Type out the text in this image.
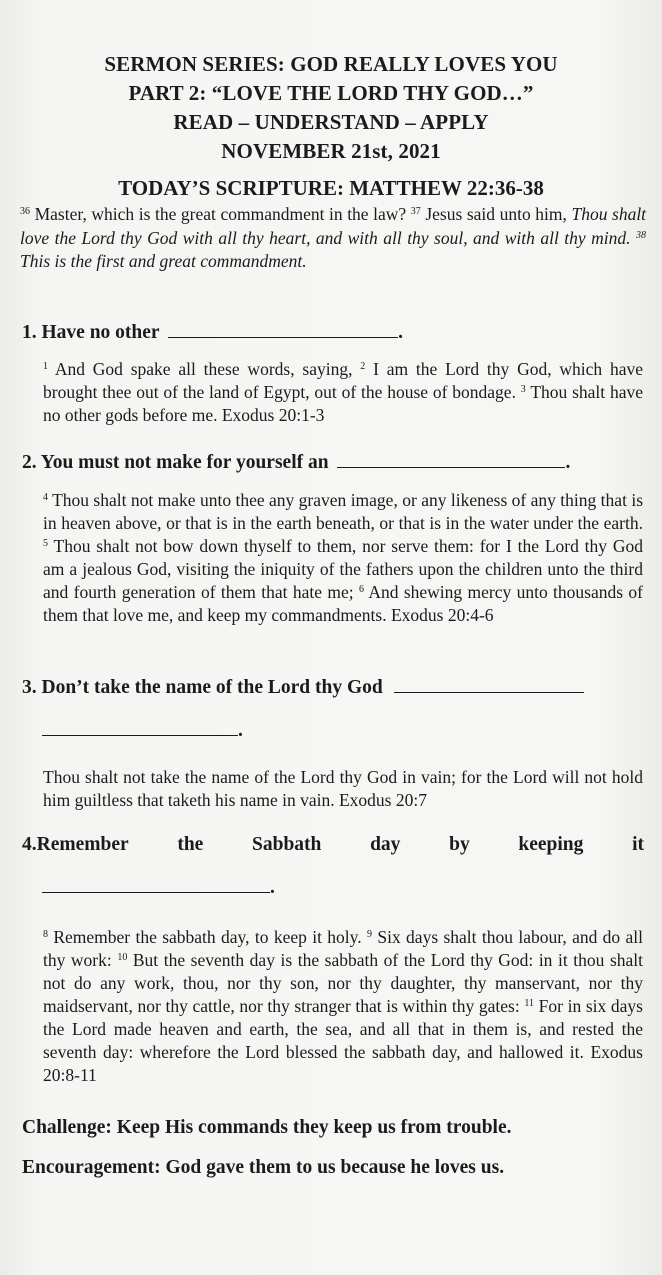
SERMON SERIES: GOD REALLY LOVES YOU
PART 2: “LOVE THE LORD THY GOD…”
READ – UNDERSTAND – APPLY
NOVEMBER 21st, 2021
TODAY’S SCRIPTURE: MATTHEW 22:36-38
$^{36}$ Master, which is the great commandment in the law? $^{37}$ Jesus said unto him, Thou shalt love the Lord thy God with all thy heart, and with all thy soul, and with all thy mind. $^{38}$ This is the first and great commandment.
1. Have no other	.
$^1$ And God spake all these words, saying, $^2$ I am the Lord thy God, which have brought thee out of the land of Egypt, out of the house of bondage. $^3$ Thou shalt have no other gods before me. Exodus 20:1-3
2. You must not make for yourself an	.
$^4$ Thou shalt not make unto thee any graven image, or any likeness of any thing that is in heaven above, or that is in the earth beneath, or that is in the water under the earth. $^5$ Thou shalt not bow down thyself to them, nor serve them: for I the Lord thy God am a jealous God, visiting the iniquity of the fathers upon the children unto the third and fourth generation of them that hate me; $^6$ And shewing mercy unto thousands of them that love me, and keep my commandments. Exodus 20:4-6
3. Don’t take the name of the Lord thy God
.
Thou shalt not take the name of the Lord thy God in vain; for the Lord will not hold him guiltless that taketh his name in vain. Exodus 20:7
4.Remember the Sabbath day by keeping it
.
$^8$ Remember the sabbath day, to keep it holy. $^9$ Six days shalt thou labour, and do all thy work: $^{10}$ But the seventh day is the sabbath of the Lord thy God: in it thou shalt not do any work, thou, nor thy son, nor thy daughter, thy manservant, nor thy maidservant, nor thy cattle, nor thy stranger that is within thy gates: $^{11}$ For in six days the Lord made heaven and earth, the sea, and all that in them is, and rested the seventh day: wherefore the Lord blessed the sabbath day, and hallowed it. Exodus 20:8-11
Challenge: Keep His commands they keep us from trouble.
Encouragement: God gave them to us because he loves us.
